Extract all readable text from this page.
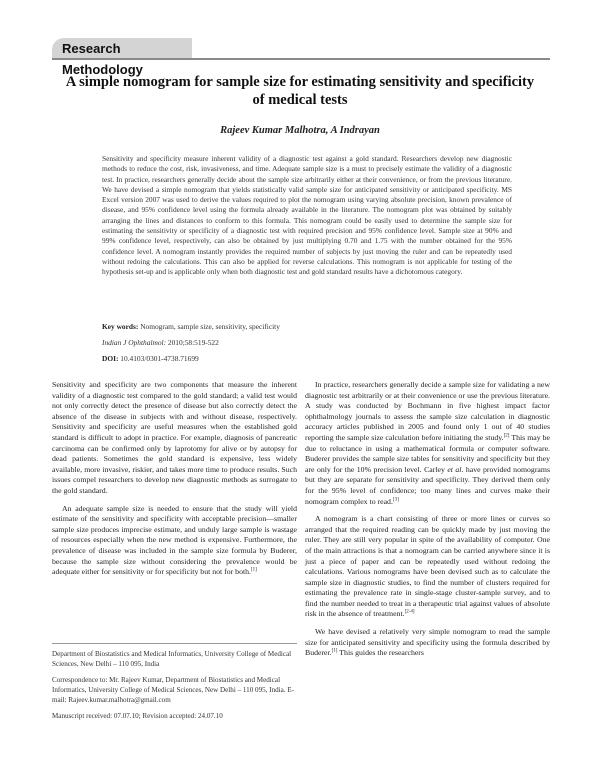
Research Methodology
A simple nomogram for sample size for estimating sensitivity and specificity of medical tests
Rajeev Kumar Malhotra, A Indrayan
Sensitivity and specificity measure inherent validity of a diagnostic test against a gold standard. Researchers develop new diagnostic methods to reduce the cost, risk, invasiveness, and time. Adequate sample size is a must to precisely estimate the validity of a diagnostic test. In practice, researchers generally decide about the sample size arbitrarily either at their convenience, or from the previous literature. We have devised a simple nomogram that yields statistically valid sample size for anticipated sensitivity or anticipated specificity. MS Excel version 2007 was used to derive the values required to plot the nomogram using varying absolute precision, known prevalence of disease, and 95% confidence level using the formula already available in the literature. The nomogram plot was obtained by suitably arranging the lines and distances to conform to this formula. This nomogram could be easily used to determine the sample size for estimating the sensitivity or specificity of a diagnostic test with required precision and 95% confidence level. Sample size at 90% and 99% confidence level, respectively, can also be obtained by just multiplying 0.70 and 1.75 with the number obtained for the 95% confidence level. A nomogram instantly provides the required number of subjects by just moving the ruler and can be repeatedly used without redoing the calculations. This can also be applied for reverse calculations. This nomogram is not applicable for testing of the hypothesis set-up and is applicable only when both diagnostic test and gold standard results have a dichotomous category.
Key words: Nomogram, sample size, sensitivity, specificity
Indian J Ophthalmol: 2010;58:519-522
DOI: 10.4103/0301-4738.71699

Sensitivity and specificity are two components that measure the inherent validity of a diagnostic test compared to the gold standard; a valid test would not only correctly detect the presence of disease but also correctly detect the absence of the disease in subjects with and without disease, respectively. Sensitivity and specificity are useful measures when the established gold standard is difficult to adopt in practice. For example, diagnosis of pancreatic carcinoma can be confirmed only by laprotomy for alive or by autopsy for dead patients. Sometimes the gold standard is expensive, less widely available, more invasive, riskier, and takes more time to produce results. Such issues compel researchers to develop new diagnostic methods as surrogate to the gold standard.

An adequate sample size is needed to ensure that the study will yield estimate of the sensitivity and specificity with acceptable precision—smaller sample size produces imprecise estimate, and unduly large sample is wastage of resources especially when the new method is expensive. Furthermore, the prevalence of disease was included in the sample size formula by Buderer, because the sample size without considering the prevalence would be adequate either for sensitivity or for specificity but not for both.[1]

In practice, researchers generally decide a sample size for validating a new diagnostic test arbitrarily or at their convenience or use the previous literature. A study was conducted by Bochmann in five highest impact factor ophthalmology journals to assess the sample size calculation in diagnostic accuracy articles published in 2005 and found only 1 out of 40 studies reporting the sample size calculation before initiating the study.[2] This may be due to reluctance in using a mathematical formula or computer software. Buderer provides the sample size tables for sensitivity and specificity but they are only for the 10% precision level. Carley et al. have provided nomograms but they are separate for sensitivity and specificity. They derived them only for the 95% level of confidence; too many lines and curves make their nomogram complex to read.[3]

A nomogram is a chart consisting of three or more lines or curves so arranged that the required reading can be quickly made by just moving the ruler. They are still very popular in spite of the availability of computer. One of the main attractions is that a nomogram can be carried anywhere since it is just a piece of paper and can be repeatedly used without redoing the calculations. Various nomograms have been devised such as to calculate the sample size in diagnostic studies, to find the number of clusters required for estimating the prevalence rate in single-stage cluster-sample survey, and to find the number needed to treat in a therapeutic trial against values of absolute risk in the absence of treatment.[2-4]

We have devised a relatively very simple nomogram to read the sample size for anticipated sensitivity and specificity using the formula described by Buderer.[1] This guides the researchers

Department of Biostatistics and Medical Informatics, University College of Medical Sciences, New Delhi – 110 095, India
Correspondence to: Mr. Rajeev Kumar, Department of Biostatistics and Medical Informatics, University College of Medical Sciences, New Delhi – 110 095, India. E-mail: Rajeev.kumar.malhotra@gmail.com
Manuscript received: 07.07.10; Revision accepted: 24.07.10
